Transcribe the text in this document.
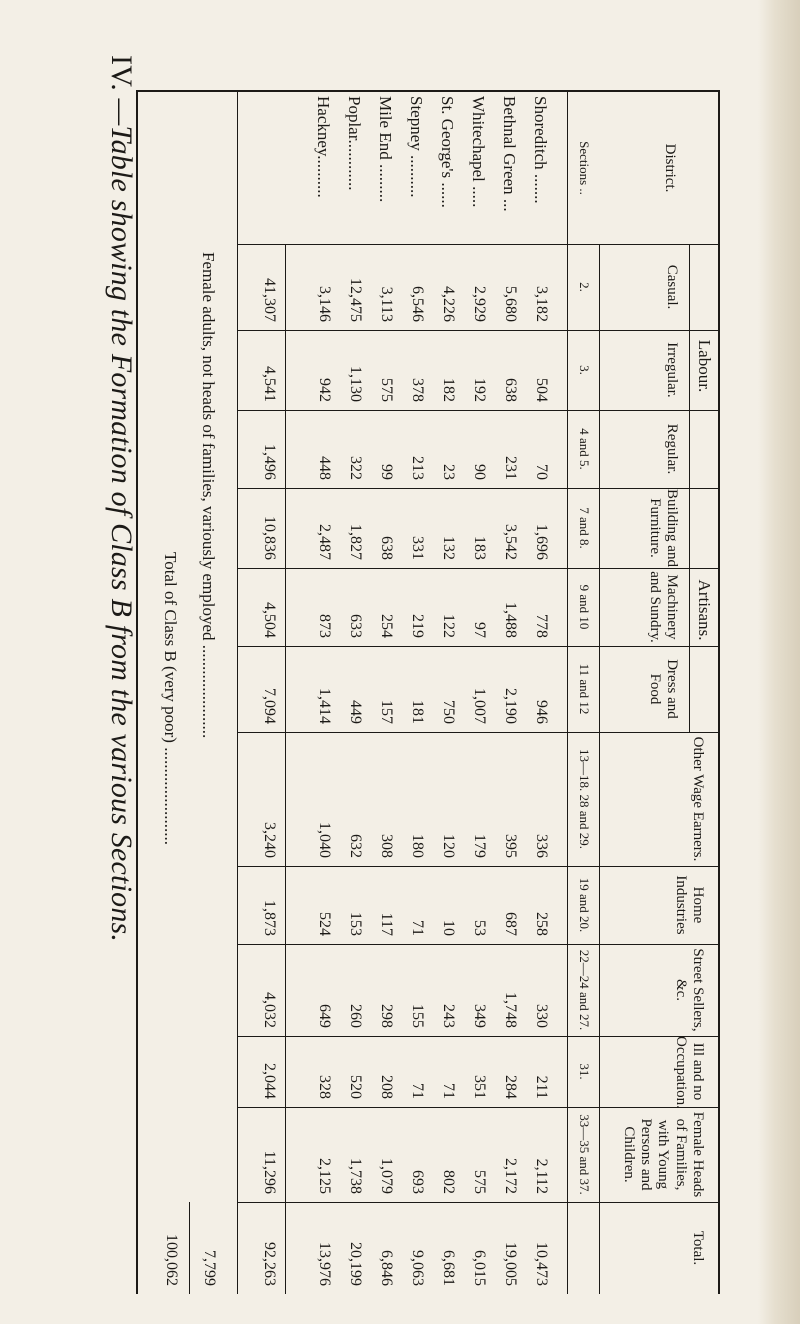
IV. —Table showing the Formation of Class B from the various Sections.	District.
Sections ..
Labour.
Artisans.
Casual.
2.
Irregular.
3.
Regular.
4 and 5.
Building and Furniture.
7 and 8.
Machinery and Sundry.
9 and 10
Dress and Food
11 and 12
Other Wage Earners.
13—18. 28 and 29.
Home Industries
19 and 20.
Street Sellers, &c.
22—24 and 27.
Ill and no Occupation.
31.
Female Heads of Families, with Young Persons and Children.
33—35 and 37.
Total.
Shoreditch .......
3,182
504
70
1,696
778
946
336
258
330
211
2,112
10,473
Bethnal Green ...
5,680
638
231
3,542
1,488
2,190
395
687
1,748
284
2,172
19,005
Whitechapel .....
2,929
192
90
183
97
1,007
179
53
349
351
575
6,015
St. George's ......
4,226
182
23
132
122
750
120
10
243
71
802
6,681
Stepney ..........
6,546
378
213
331
219
181
180
71
155
71
693
9,063
Mile End .........
3,113
575
99
638
254
157
308
117
298
208
1,079
6,846
Poplar............
12,475
1,130
322
1,827
633
449
632
153
260
520
1,738
20,199
Hackney..........
3,146
942
448
2,487
873
1,414
1,040
524
649
328
2,125
13,976
41,307
4,541
1,496
10,836
4,504
7,094
3,240
1,873
4,032
2,044
11,296
92,263
Female adults, not heads of families, variously employed ......................
7,799
Total of Class B (very poor) .......................
100,062
